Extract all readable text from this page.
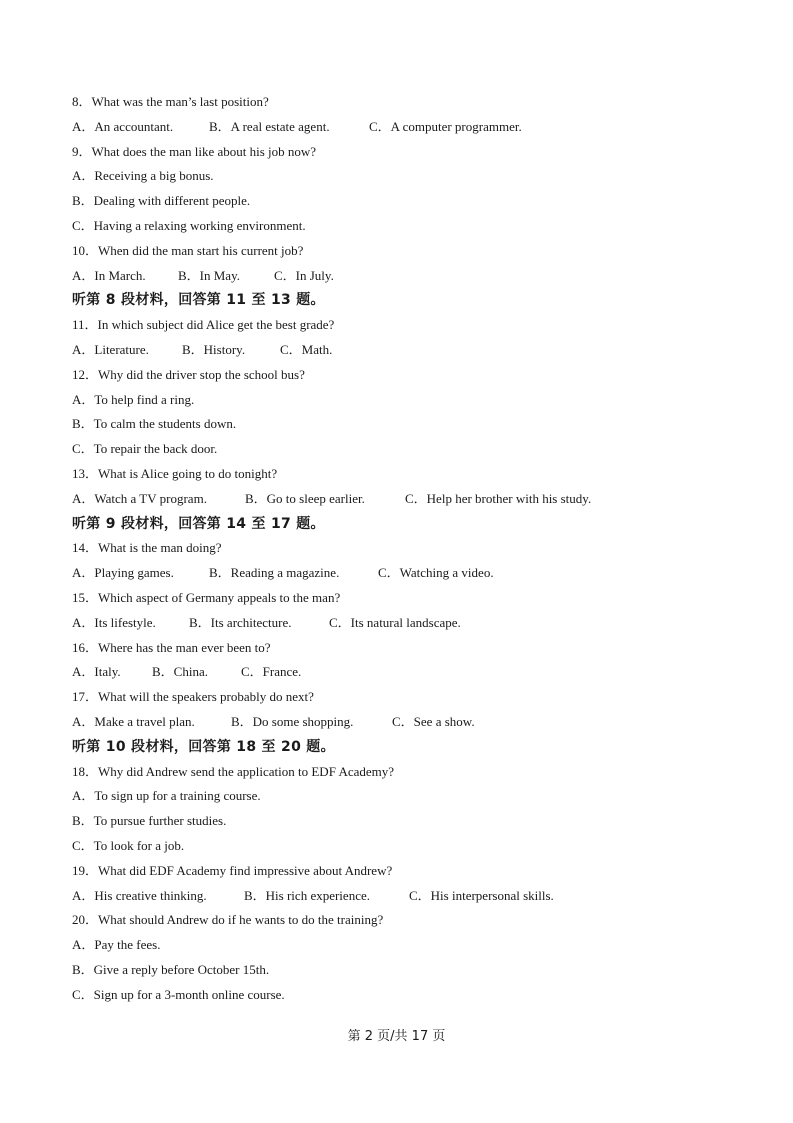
8．What was the man’s last position?
A．An accountant.	B．A real estate agent.	C．A computer programmer.
9．What does the man like about his job now?
A．Receiving a big bonus.
B．Dealing with different people.
C．Having a relaxing working environment.
10．When did the man start his current job?
A．In March.	B．In May.	C．In July.
听第 8 段材料，回答第 11 至 13 题。
11．In which subject did Alice get the best grade?
A．Literature.	B．History.	C．Math.
12．Why did the driver stop the school bus?
A．To help find a ring.
B．To calm the students down.
C．To repair the back door.
13．What is Alice going to do tonight?
A．Watch a TV program.	B．Go to sleep earlier.	C．Help her brother with his study.
听第 9 段材料，回答第 14 至 17 题。
14．What is the man doing?
A．Playing games.	B．Reading a magazine.	C．Watching a video.
15．Which aspect of Germany appeals to the man?
A．Its lifestyle.	B．Its architecture.	C．Its natural landscape.
16．Where has the man ever been to?
A．Italy.	B．China.	C．France.
17．What will the speakers probably do next?
A．Make a travel plan.	B．Do some shopping.	C．See a show.
听第 10 段材料，回答第 18 至 20 题。
18．Why did Andrew send the application to EDF Academy?
A．To sign up for a training course.
B．To pursue further studies.
C．To look for a job.
19．What did EDF Academy find impressive about Andrew?
A．His creative thinking.	B．His rich experience.	C．His interpersonal skills.
20．What should Andrew do if he wants to do the training?
A．Pay the fees.
B．Give a reply before October 15th.
C．Sign up for a 3-month online course.
第 2 页/共 17 页
